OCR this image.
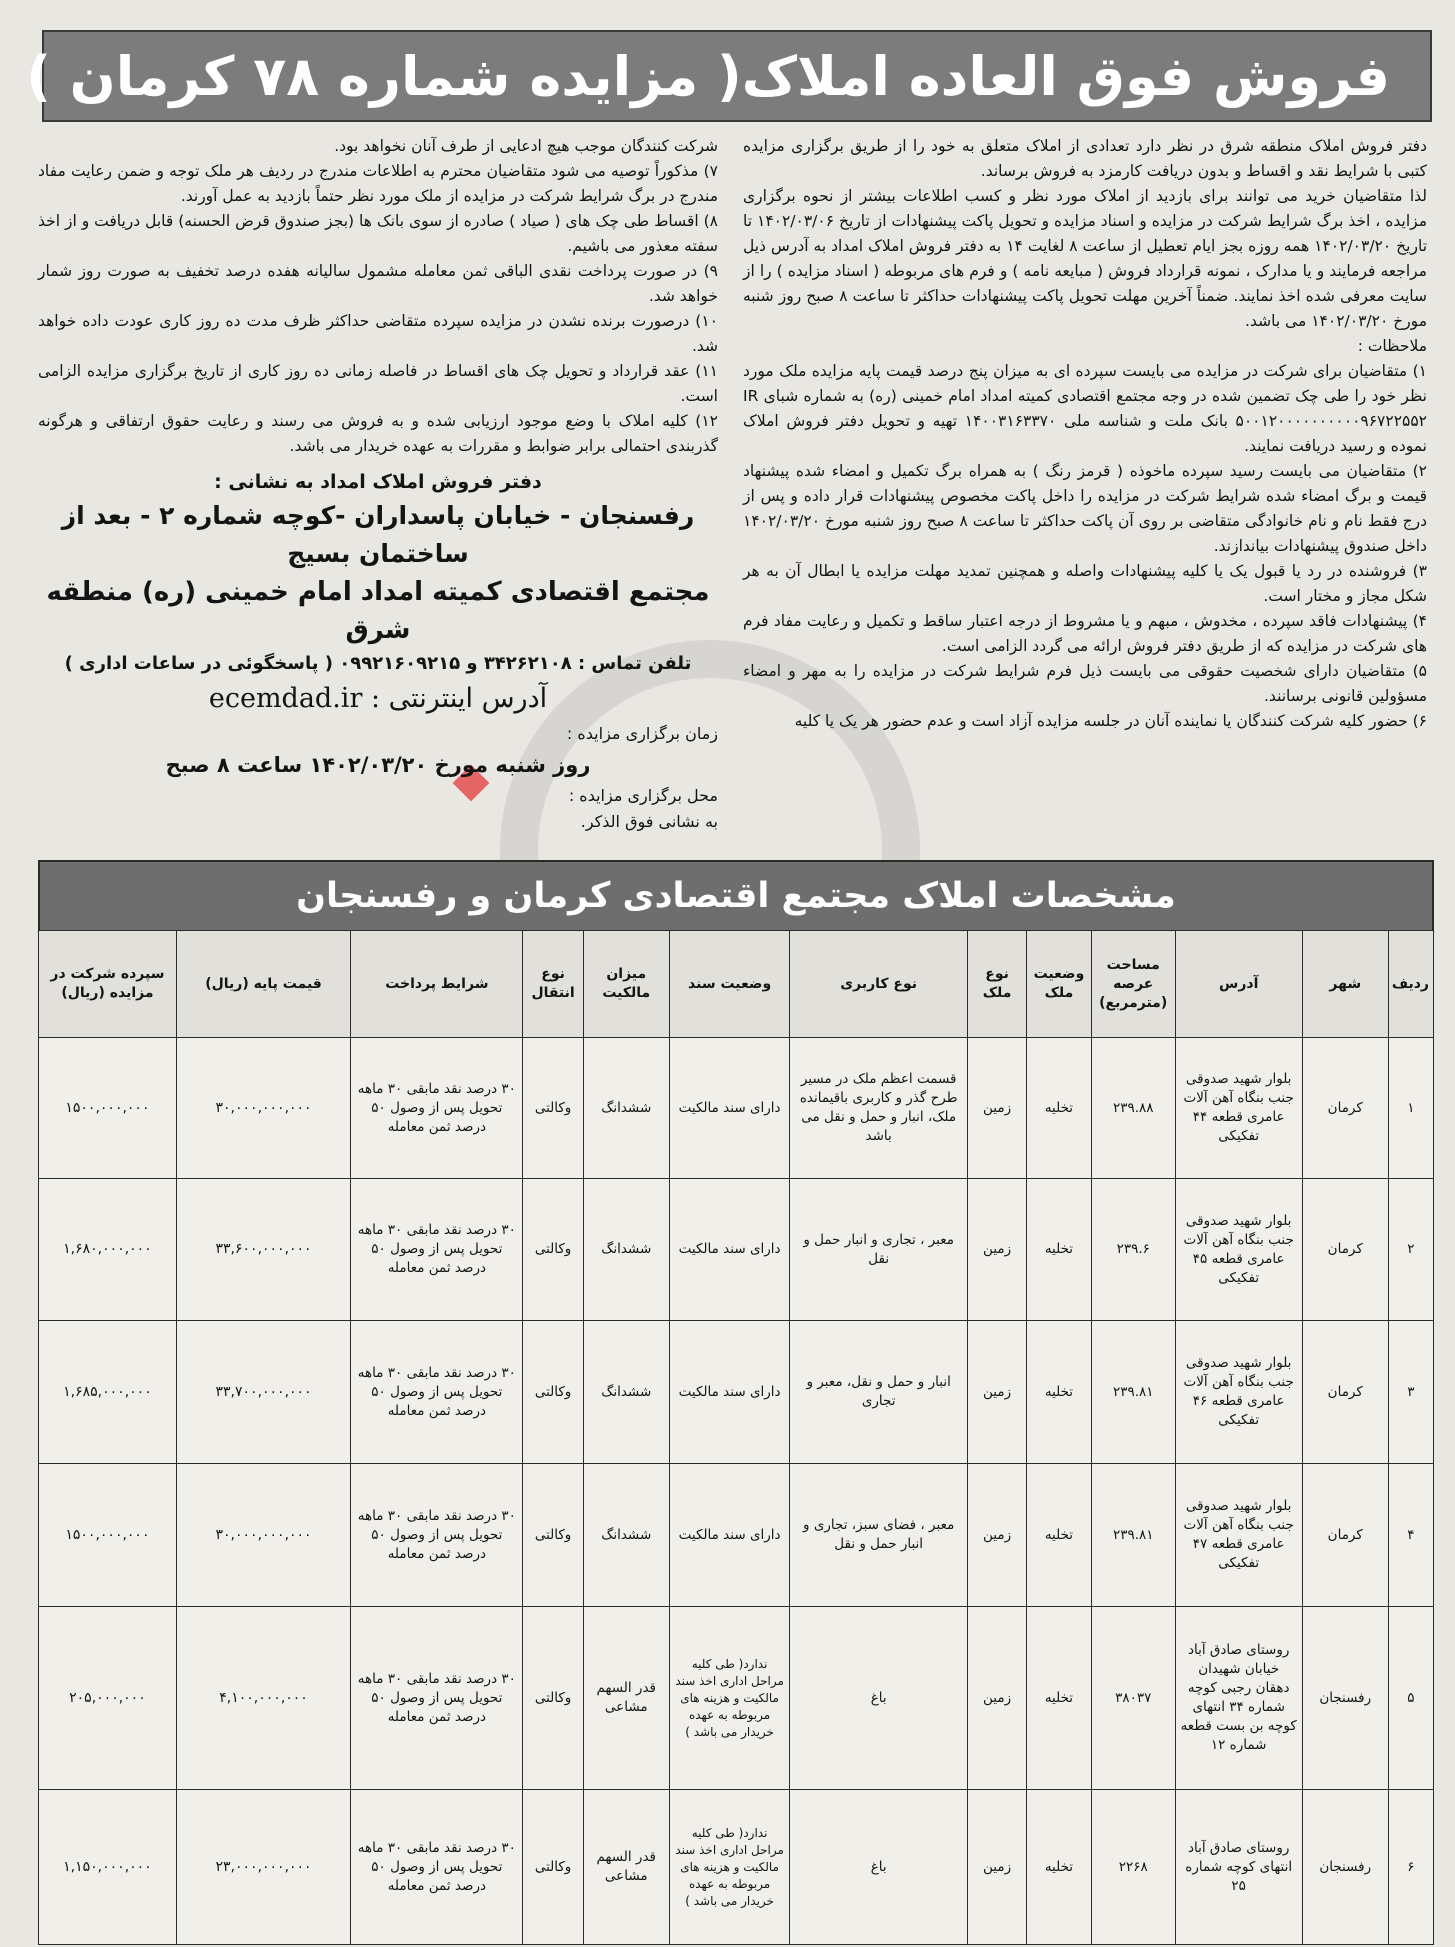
فروش فوق العاده املاک
( مزایده شماره ۷۸ کرمان )

دفتر فروش املاک منطقه شرق در نظر دارد تعدادی از املاک متعلق به خود را از طریق برگزاری مزایده کتبی با شرایط نقد و اقساط و بدون دریافت کارمزد به فروش برساند.

لذا متقاضیان خرید می توانند برای بازدید از املاک مورد نظر و کسب اطلاعات بیشتر از نحوه برگزاری مزایده ، اخذ برگ شرایط شرکت در مزایده و اسناد مزایده و تحویل پاکت پیشنهادات از تاریخ ۱۴۰۲/۰۳/۰۶ تا تاریخ ۱۴۰۲/۰۳/۲۰ همه روزه بجز ایام تعطیل از ساعت ۸ لغایت ۱۴ به دفتر فروش املاک امداد به آدرس ذیل مراجعه فرمایند و یا مدارک ، نمونه قرارداد فروش ( مبایعه نامه ) و فرم های مربوطه ( اسناد مزایده ) را از سایت معرفی شده اخذ نمایند. ضمناً آخرین مهلت تحویل پاکت پیشنهادات حداکثر تا ساعت ۸ صبح روز شنبه مورخ ۱۴۰۲/۰۳/۲۰ می باشد.

ملاحظات :

۱) متقاضیان برای شرکت در مزایده می بایست سپرده ای به میزان پنج درصد قیمت پایه مزایده ملک مورد نظر خود را طی چک تضمین شده در وجه مجتمع اقتصادی کمیته امداد امام خمینی (ره) به شماره شبای IR ۵۰۰۱۲۰۰۰۰۰۰۰۰۰۰۹۶۷۲۲۵۵۲ بانک ملت و شناسه ملی ۱۴۰۰۳۱۶۳۳۷۰ تهیه و تحویل دفتر فروش املاک نموده و رسید دریافت نمایند.

۲) متقاضیان می بایست رسید سپرده ماخوذه ( قرمز رنگ ) به همراه برگ تکمیل و امضاء شده پیشنهاد قیمت و برگ امضاء شده شرایط شرکت در مزایده را داخل پاکت مخصوص پیشنهادات قرار داده و پس از درج فقط نام و نام خانوادگی متقاضی بر روی آن پاکت حداکثر تا ساعت ۸ صبح روز شنبه مورخ ۱۴۰۲/۰۳/۲۰ داخل صندوق پیشنهادات بیاندازند.

۳) فروشنده در رد یا قبول یک یا کلیه پیشنهادات واصله و همچنین تمدید مهلت مزایده یا ابطال آن به هر شکل مجاز و مختار است.

۴) پیشنهادات فاقد سپرده ، مخدوش ، مبهم و یا مشروط از درجه اعتبار ساقط و تکمیل و رعایت مفاد فرم های شرکت در مزایده که از طریق دفتر فروش ارائه می گردد الزامی است.

۵) متقاضیان دارای شخصیت حقوقی می بایست ذیل فرم شرایط شرکت در مزایده را به مهر و امضاء مسؤولین قانونی برسانند.

۶) حضور کلیه شرکت کنندگان یا نماینده آنان در جلسه مزایده آزاد است و عدم حضور هر یک یا کلیه

شرکت کنندگان موجب هیچ ادعایی از طرف آنان نخواهد بود.

۷) مذکوراً توصیه می شود متقاضیان محترم به اطلاعات مندرج در ردیف هر ملک توجه و ضمن رعایت مفاد مندرج در برگ شرایط شرکت در مزایده از ملک مورد نظر حتماً بازدید به عمل آورند.

۸) اقساط طی چک های ( صیاد ) صادره از سوی بانک ها (بجز صندوق قرض الحسنه) قابل دریافت و از اخذ سفته معذور می باشیم.

۹) در صورت پرداخت نقدی الباقی ثمن معامله مشمول سالیانه هفده درصد تخفیف به صورت روز شمار خواهد شد.

۱۰) درصورت برنده نشدن در مزایده سپرده متقاضی حداکثر ظرف مدت ده روز کاری عودت داده خواهد شد.

۱۱) عقد قرارداد و تحویل چک های اقساط در فاصله زمانی ده روز کاری از تاریخ برگزاری مزایده الزامی است.

۱۲) کلیه املاک با وضع موجود ارزیابی شده و به فروش می رسند و رعایت حقوق ارتفاقی و هرگونه گذربندی احتمالی برابر ضوابط و مقررات به عهده خریدار می باشد.

دفتر فروش املاک امداد به نشانی :
رفسنجان - خیابان پاسداران -کوچه شماره ۲ - بعد از ساختمان بسیج
مجتمع اقتصادی کمیته امداد امام خمینی (ره) منطقه شرق
تلفن تماس : ۳۴۲۶۲۱۰۸ و ۰۹۹۲۱۶۰۹۲۱۵ ( پاسخگوئی در ساعات اداری )
آدرس اینترنتی : ecemdad.ir
زمان برگزاری مزایده :
روز شنبه مورخ ۱۴۰۲/۰۳/۲۰ ساعت ۸ صبح
محل برگزاری مزایده :
به نشانی فوق الذکر.
مشخصات املاک مجتمع اقتصادی کرمان و رفسنجان
ردیف	شهر	آدرس	مساحت عرصه (مترمربع)	وضعیت ملک	نوع ملک	نوع کاربری	وضعیت سند	میزان مالکیت	نوع انتقال	شرایط پرداخت	قیمت پایه (ریال)	سپرده شرکت در مزایده (ریال)
۱	کرمان	بلوار شهید صدوقی جنب بنگاه آهن آلات عامری قطعه ۴۴ تفکیکی	۲۳۹.۸۸	تخلیه	زمین	قسمت اعظم ملک در مسیر طرح گذر و کاربری باقیمانده ملک، انبار و حمل و نقل می باشد	دارای سند مالکیت	ششدانگ	وکالتی	۳۰ درصد نقد مابقی ۳۰ ماهه تحویل پس از وصول ۵۰ درصد ثمن معامله	۳۰,۰۰۰,۰۰۰,۰۰۰	۱۵۰۰,۰۰۰,۰۰۰
۲	کرمان	بلوار شهید صدوقی جنب بنگاه آهن آلات عامری قطعه ۴۵ تفکیکی	۲۳۹.۶	تخلیه	زمین	معبر ، تجاری و انبار حمل و نقل	دارای سند مالکیت	ششدانگ	وکالتی	۳۰ درصد نقد مابقی ۳۰ ماهه تحویل پس از وصول ۵۰ درصد ثمن معامله	۳۳,۶۰۰,۰۰۰,۰۰۰	۱,۶۸۰,۰۰۰,۰۰۰
۳	کرمان	بلوار شهید صدوقی جنب بنگاه آهن آلات عامری قطعه ۴۶ تفکیکی	۲۳۹.۸۱	تخلیه	زمین	انبار و حمل و نقل، معبر و تجاری	دارای سند مالکیت	ششدانگ	وکالتی	۳۰ درصد نقد مابقی ۳۰ ماهه تحویل پس از وصول ۵۰ درصد ثمن معامله	۳۳,۷۰۰,۰۰۰,۰۰۰	۱,۶۸۵,۰۰۰,۰۰۰
۴	کرمان	بلوار شهید صدوقی جنب بنگاه آهن آلات عامری قطعه ۴۷ تفکیکی	۲۳۹.۸۱	تخلیه	زمین	معبر ، فضای سبز، تجاری و انبار حمل و نقل	دارای سند مالکیت	ششدانگ	وکالتی	۳۰ درصد نقد مابقی ۳۰ ماهه تحویل پس از وصول ۵۰ درصد ثمن معامله	۳۰,۰۰۰,۰۰۰,۰۰۰	۱۵۰۰,۰۰۰,۰۰۰
۵	رفسنجان	روستای صادق آباد خیابان شهیدان دهقان رجبی کوچه شماره ۳۴ انتهای کوچه بن بست قطعه شماره ۱۲	۳۸۰۳۷	تخلیه	زمین	باغ	ندارد( طی کلیه مراحل اداری اخذ سند مالکیت و هزینه های مربوطه به عهده خریدار می باشد )	قدر السهم مشاعی	وکالتی	۳۰ درصد نقد مابقی ۳۰ ماهه تحویل پس از وصول ۵۰ درصد ثمن معامله	۴,۱۰۰,۰۰۰,۰۰۰	۲۰۵,۰۰۰,۰۰۰
۶	رفسنجان	روستای صادق آباد انتهای کوچه شماره ۲۵	۲۲۶۸	تخلیه	زمین	باغ	ندارد( طی کلیه مراحل اداری اخذ سند مالکیت و هزینه های مربوطه به عهده خریدار می باشد )	قدر السهم مشاعی	وکالتی	۳۰ درصد نقد مابقی ۳۰ ماهه تحویل پس از وصول ۵۰ درصد ثمن معامله	۲۳,۰۰۰,۰۰۰,۰۰۰	۱,۱۵۰,۰۰۰,۰۰۰
